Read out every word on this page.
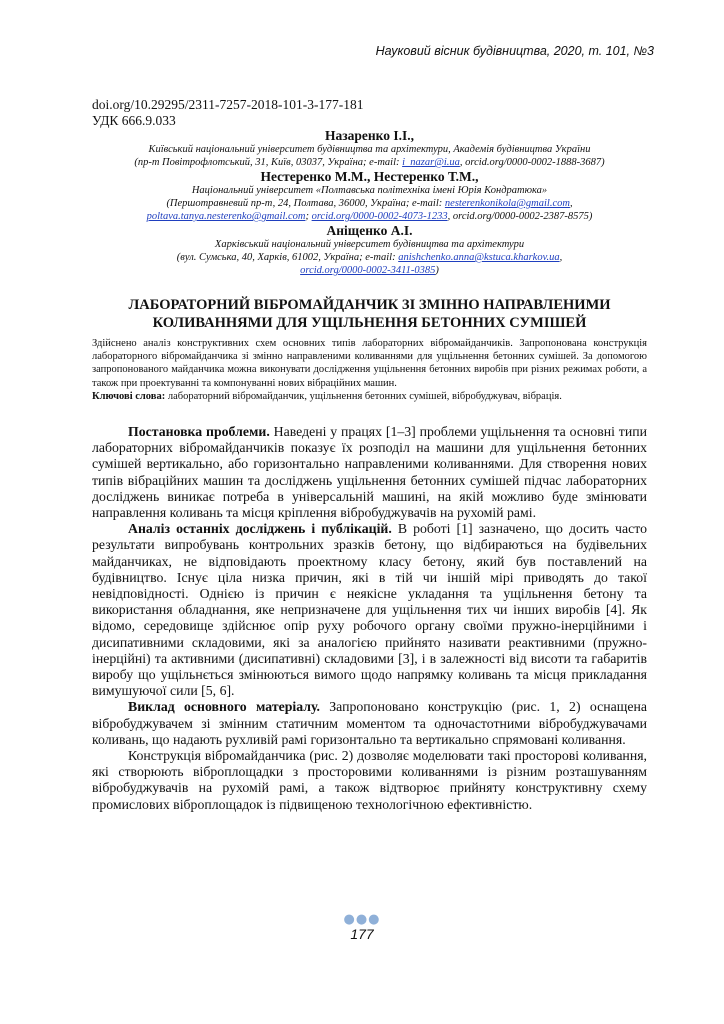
Науковий вісник будівництва, 2020, т. 101, №3
doi.org/10.29295/2311-7257-2018-101-3-177-181
УДК 666.9.033
Назаренко І.І.,
Київський національний університет будівництва та архітектури, Академія будівництва України
(пр-т Повітрофлотський, 31, Київ, 03037, Україна; e-mail: i_nazar@i.ua, orcid.org/0000-0002-1888-3687)
Нестеренко М.М., Нестеренко Т.М.,
Національний університет «Полтавська політехніка імені Юрія Кондратюка»
(Першотравневий пр-т, 24, Полтава, 36000, Україна; e-mail: nesterenkonikola@gmail.com,
poltava.tanya.nesterenko@gmail.com; orcid.org/0000-0002-4073-1233, orcid.org/0000-0002-2387-8575)
Аніщенко А.І.
Харківський національний університет будівництва та архітектури
(вул. Сумська, 40, Харків, 61002, Україна; e-mail: anishchenko.anna@kstuca.kharkov.ua,
orcid.org/0000-0002-3411-0385)
ЛАБОРАТОРНИЙ ВІБРОМАЙДАНЧИК ЗІ ЗМІННО НАПРАВЛЕНИМИ
КОЛИВАННЯМИ ДЛЯ УЩІЛЬНЕННЯ БЕТОННИХ СУМІШЕЙ
Здійснено аналіз конструктивних схем основних типів лабораторних вібромайданчиків. Запропонована конструкція лабораторного вібромайданчика зі змінно направленими коливаннями для ущільнення бетонних сумішей. За допомогою запропонованого майданчика можна виконувати дослідження ущільнення бетонних виробів при різних режимах роботи, а також при проектуванні та компонуванні нових вібраційних машин.
Ключові слова: лабораторний вібромайданчик, ущільнення бетонних сумішей, вібробуджувач, вібрація.

Постановка проблеми. Наведені у працях [1–3] проблеми ущільнення та основні типи лабораторних вібромайданчиків показує їх розподіл на машини для ущільнення бетонних сумішей вертикально, або горизонтально направленими коливаннями. Для створення нових типів вібраційних машин та досліджень ущільнення бетонних сумішей підчас лабораторних досліджень виникає потреба в універсальній машині, на якій можливо буде змінювати направлення коливань та місця кріплення вібробуджувачів на рухомій рамі.

Аналіз останніх досліджень і публікацій. В роботі [1] зазначено, що досить часто результати випробувань контрольних зразків бетону, що відбираються на будівельних майданчиках, не відповідають проектному класу бетону, який був поставлений на будівництво. Існує ціла низка причин, які в тій чи іншій мірі приводять до такої невідповідності. Однією із причин є неякісне укладання та ущільнення бетону та використання обладнання, яке непризначене для ущільнення тих чи інших виробів [4]. Як відомо, середовище здійснює опір руху робочого органу своїми пружно-інерційними і дисипативними складовими, які за аналогією прийнято називати реактивними (пружно-інерційні) та активними (дисипативні) складовими [3], і в залежності від висоти та габаритів виробу що ущільнється змінюються вимого щодо напрямку коливань та місця прикладання вимушуючої сили [5, 6].

Виклад основного матеріалу. Запропоновано конструкцію (рис. 1, 2) оснащена вібробуджувачем зі змінним статичним моментом та одночастотними вібробуджувачами коливань, що надають рухливій рамі горизонтально та вертикально спрямовані коливання.

Конструкція вібромайданчика (рис. 2) дозволяє моделювати такі просторові коливання, які створюють віброплощадки з просторовими коливаннями із різним розташуванням вібробуджувачів на рухомій рамі, а також відтворює прийняту конструктивну схему промислових віброплощадок із підвищеною технологічною ефективністю.

●●●
177
